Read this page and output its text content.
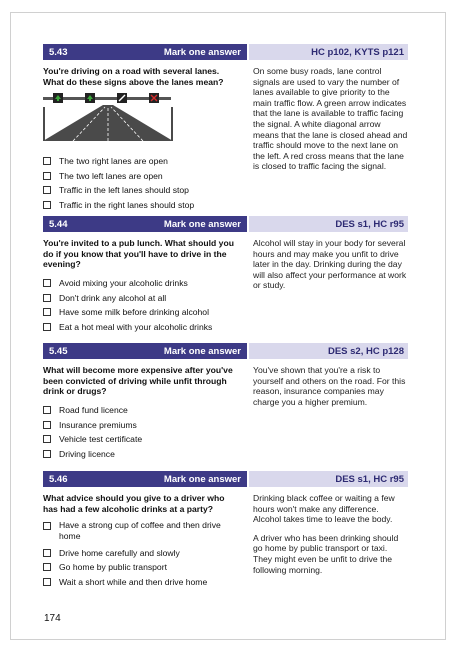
5.43	Mark one answer	HC p102, KYTS p121

You're driving on a road with several lanes. What do these signs above the lanes mean?

The two right lanes are open
The two left lanes are open
Traffic in the left lanes should stop
Traffic in the right lanes should stop

On some busy roads, lane control signals are used to vary the number of lanes available to give priority to the main traffic flow. A green arrow indicates that the lane is available to traffic facing the signal. A white diagonal arrow means that the lane is closed ahead and traffic should move to the next lane on the left. A red cross means that the lane is closed to traffic facing the signal.

5.44	Mark one answer	DES s1, HC r95

You're invited to a pub lunch. What should you do if you know that you'll have to drive in the evening?

Avoid mixing your alcoholic drinks
Don't drink any alcohol at all
Have some milk before drinking alcohol
Eat a hot meal with your alcoholic drinks

Alcohol will stay in your body for several hours and may make you unfit to drive later in the day. Drinking during the day will also affect your performance at work or study.

5.45	Mark one answer	DES s2, HC p128

What will become more expensive after you've been convicted of driving while unfit through drink or drugs?

Road fund licence
Insurance premiums
Vehicle test certificate
Driving licence

You've shown that you're a risk to yourself and others on the road. For this reason, insurance companies may charge you a higher premium.

5.46	Mark one answer	DES s1, HC r95

What advice should you give to a driver who has had a few alcoholic drinks at a party?

Have a strong cup of coffee and then drive home
Drive home carefully and slowly
Go home by public transport
Wait a short while and then drive home

Drinking black coffee or waiting a few hours won't make any difference. Alcohol takes time to leave the body.

A driver who has been drinking should go home by public transport or taxi. They might even be unfit to drive the following morning.

174
